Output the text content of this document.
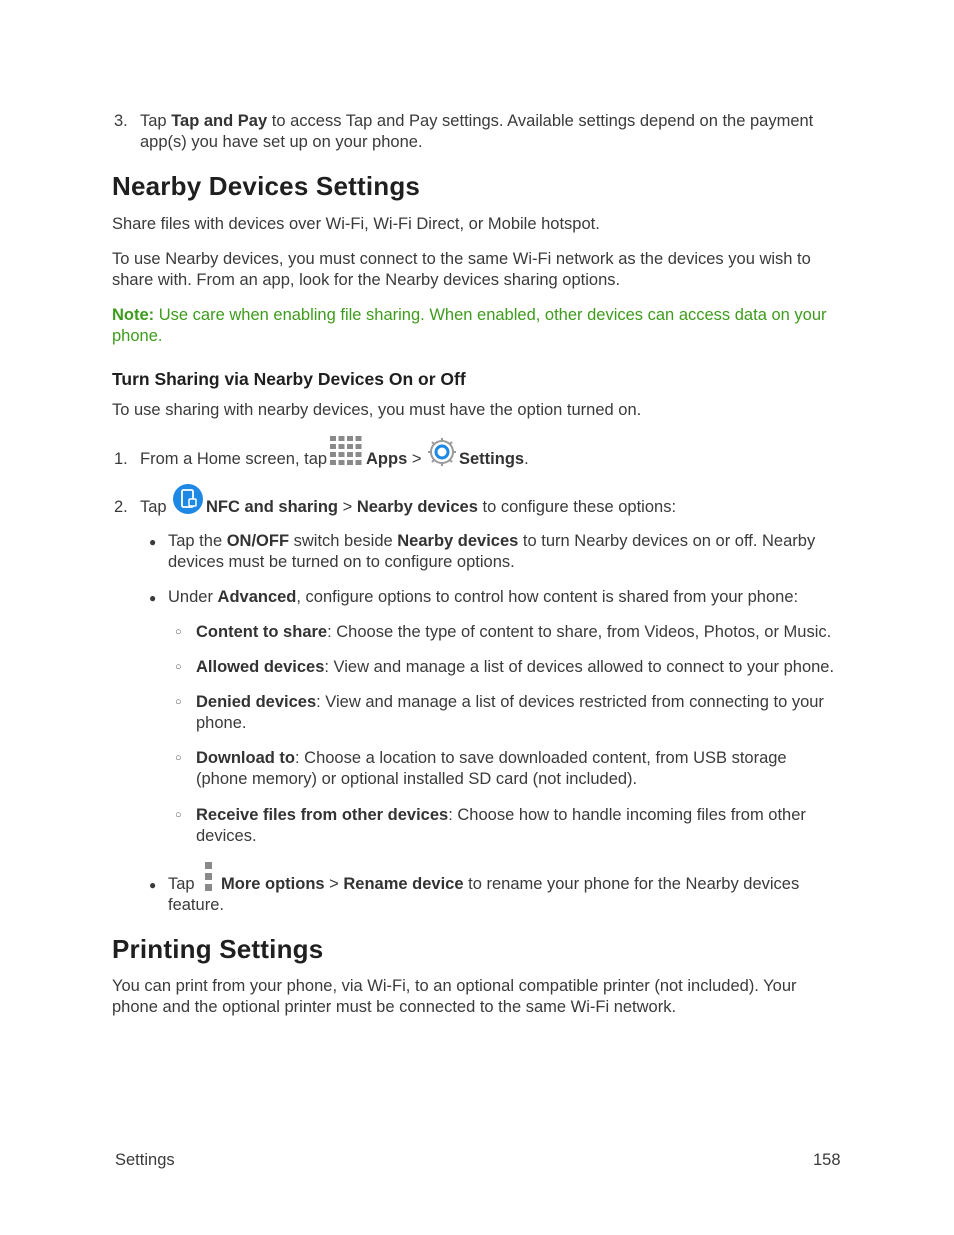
3. Tap Tap and Pay to access Tap and Pay settings. Available settings depend on the payment app(s) you have set up on your phone.

Nearby Devices Settings

Share files with devices over Wi-Fi, Wi-Fi Direct, or Mobile hotspot.

To use Nearby devices, you must connect to the same Wi-Fi network as the devices you wish to share with. From an app, look for the Nearby devices sharing options.

Note: Use care when enabling file sharing. When enabled, other devices can access data on your phone.

Turn Sharing via Nearby Devices On or Off

To use sharing with nearby devices, you must have the option turned on.

1. From a Home screen, tap Apps > Settings.
2. Tap NFC and sharing > Nearby devices to configure these options:
● Tap the ON/OFF switch beside Nearby devices to turn Nearby devices on or off. Nearby devices must be turned on to configure options.

● Under Advanced, configure options to control how content is shared from your phone:

○ Content to share: Choose the type of content to share, from Videos, Photos, or Music.

○ Allowed devices: View and manage a list of devices allowed to connect to your phone.

○ Denied devices: View and manage a list of devices restricted from connecting to your phone.

○ Download to: Choose a location to save downloaded content, from USB storage (phone memory) or optional installed SD card (not included).

○ Receive files from other devices: Choose how to handle incoming files from other devices.

● Tap More options > Rename device to rename your phone for the Nearby devices

feature.

Printing Settings

You can print from your phone, via Wi-Fi, to an optional compatible printer (not included). Your phone and the optional printer must be connected to the same Wi-Fi network.

Settings	158
